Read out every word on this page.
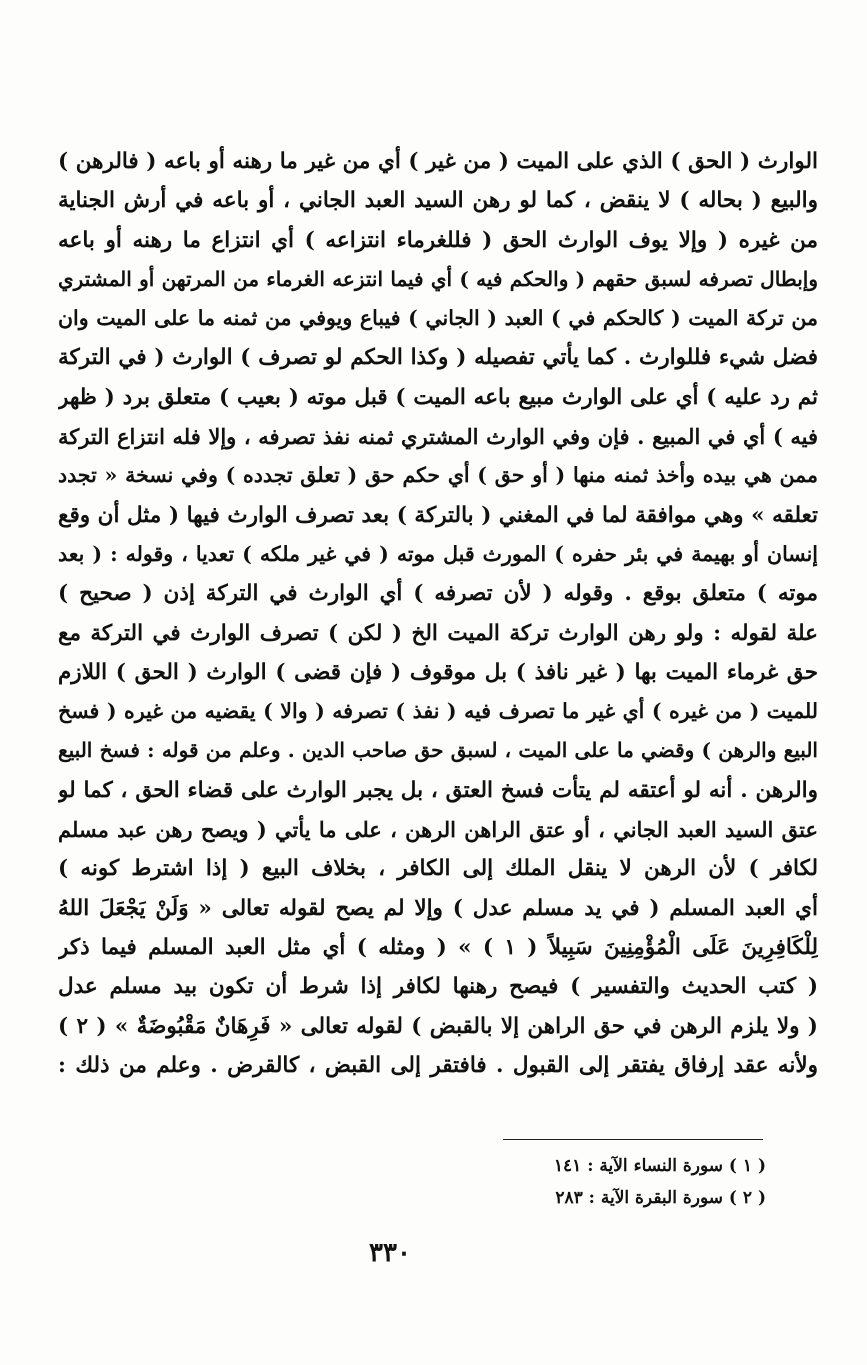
الوارث ( الحق ) الذي على الميت ( من غير ) أي من غير ما رهنه أو باعه ( فالرهن )
والبيع ( بحاله ) لا ينقض ، كما لو رهن السيد العبد الجاني ، أو باعه في أرش الجناية
من غيره ( وإلا يوف الوارث الحق ( فللغرماء انتزاعه ) أي انتزاع ما رهنه أو باعه
وإبطال تصرفه لسبق حقهم ( والحكم فيه ) أي فيما انتزعه الغرماء من المرتهن أو المشتري
من تركة الميت ( كالحكم في ) العبد ( الجاني ) فيباع ويوفي من ثمنه ما على الميت وان
فضل شيء فللوارث . كما يأتي تفصيله ( وكذا الحكم لو تصرف ) الوارث ( في التركة
ثم رد عليه ) أي على الوارث مبيع باعه الميت ) قبل موته ( بعيب ) متعلق برد ( ظهر
فيه ) أي في المبيع . فإن وفي الوارث المشتري ثمنه نفذ تصرفه ، وإلا فله انتزاع التركة
ممن هي بيده وأخذ ثمنه منها ( أو حق ) أي حكم حق ( تعلق تجدده ) وفي نسخة « تجدد
تعلقه » وهي موافقة لما في المغني ( بالتركة ) بعد تصرف الوارث فيها ( مثل أن وقع
إنسان أو بهيمة في بئر حفره ) المورث قبل موته ( في غير ملكه ) تعديا ، وقوله : ( بعد
موته ) متعلق بوقع . وقوله ( لأن تصرفه ) أي الوارث في التركة إذن ( صحيح )
علة لقوله : ولو رهن الوارث تركة الميت الخ ( لكن ) تصرف الوارث في التركة مع
حق غرماء الميت بها ( غير نافذ ) بل موقوف ( فإن قضى ) الوارث ( الحق ) اللازم
للميت ( من غيره ) أي غير ما تصرف فيه ( نفذ ) تصرفه ( والا ) يقضيه من غيره ( فسخ
البيع والرهن ) وقضي ما على الميت ، لسبق حق صاحب الدين . وعلم من قوله : فسخ البيع
والرهن . أنه لو أعتقه لم يتأت فسخ العتق ، بل يجبر الوارث على قضاء الحق ، كما لو
عتق السيد العبد الجاني ، أو عتق الراهن الرهن ، على ما يأتي ( ويصح رهن عبد مسلم
لكافر ) لأن الرهن لا ينقل الملك إلى الكافر ، بخلاف البيع ( إذا اشترط كونه )
أي العبد المسلم ( في يد مسلم عدل ) وإلا لم يصح لقوله تعالى « وَلَنْ يَجْعَلَ اللهُ
لِلْكَافِرِينَ عَلَى الْمُؤْمِنِينَ سَبِيلاً ( ١ ) » ( ومثله ) أي مثل العبد المسلم فيما ذكر
( كتب الحديث والتفسير ) فيصح رهنها لكافر إذا شرط أن تكون بيد مسلم عدل
( ولا يلزم الرهن في حق الراهن إلا بالقبض ) لقوله تعالى « فَرِهَانٌ مَقْبُوضَةٌ » ( ٢ )
ولأنه عقد إرفاق يفتقر إلى القبول . فافتقر إلى القبض ، كالقرض . وعلم من ذلك :
( ١ ) سورة النساء الآية : ١٤١
( ٢ ) سورة البقرة الآية : ٢٨٣
٣٣٠
